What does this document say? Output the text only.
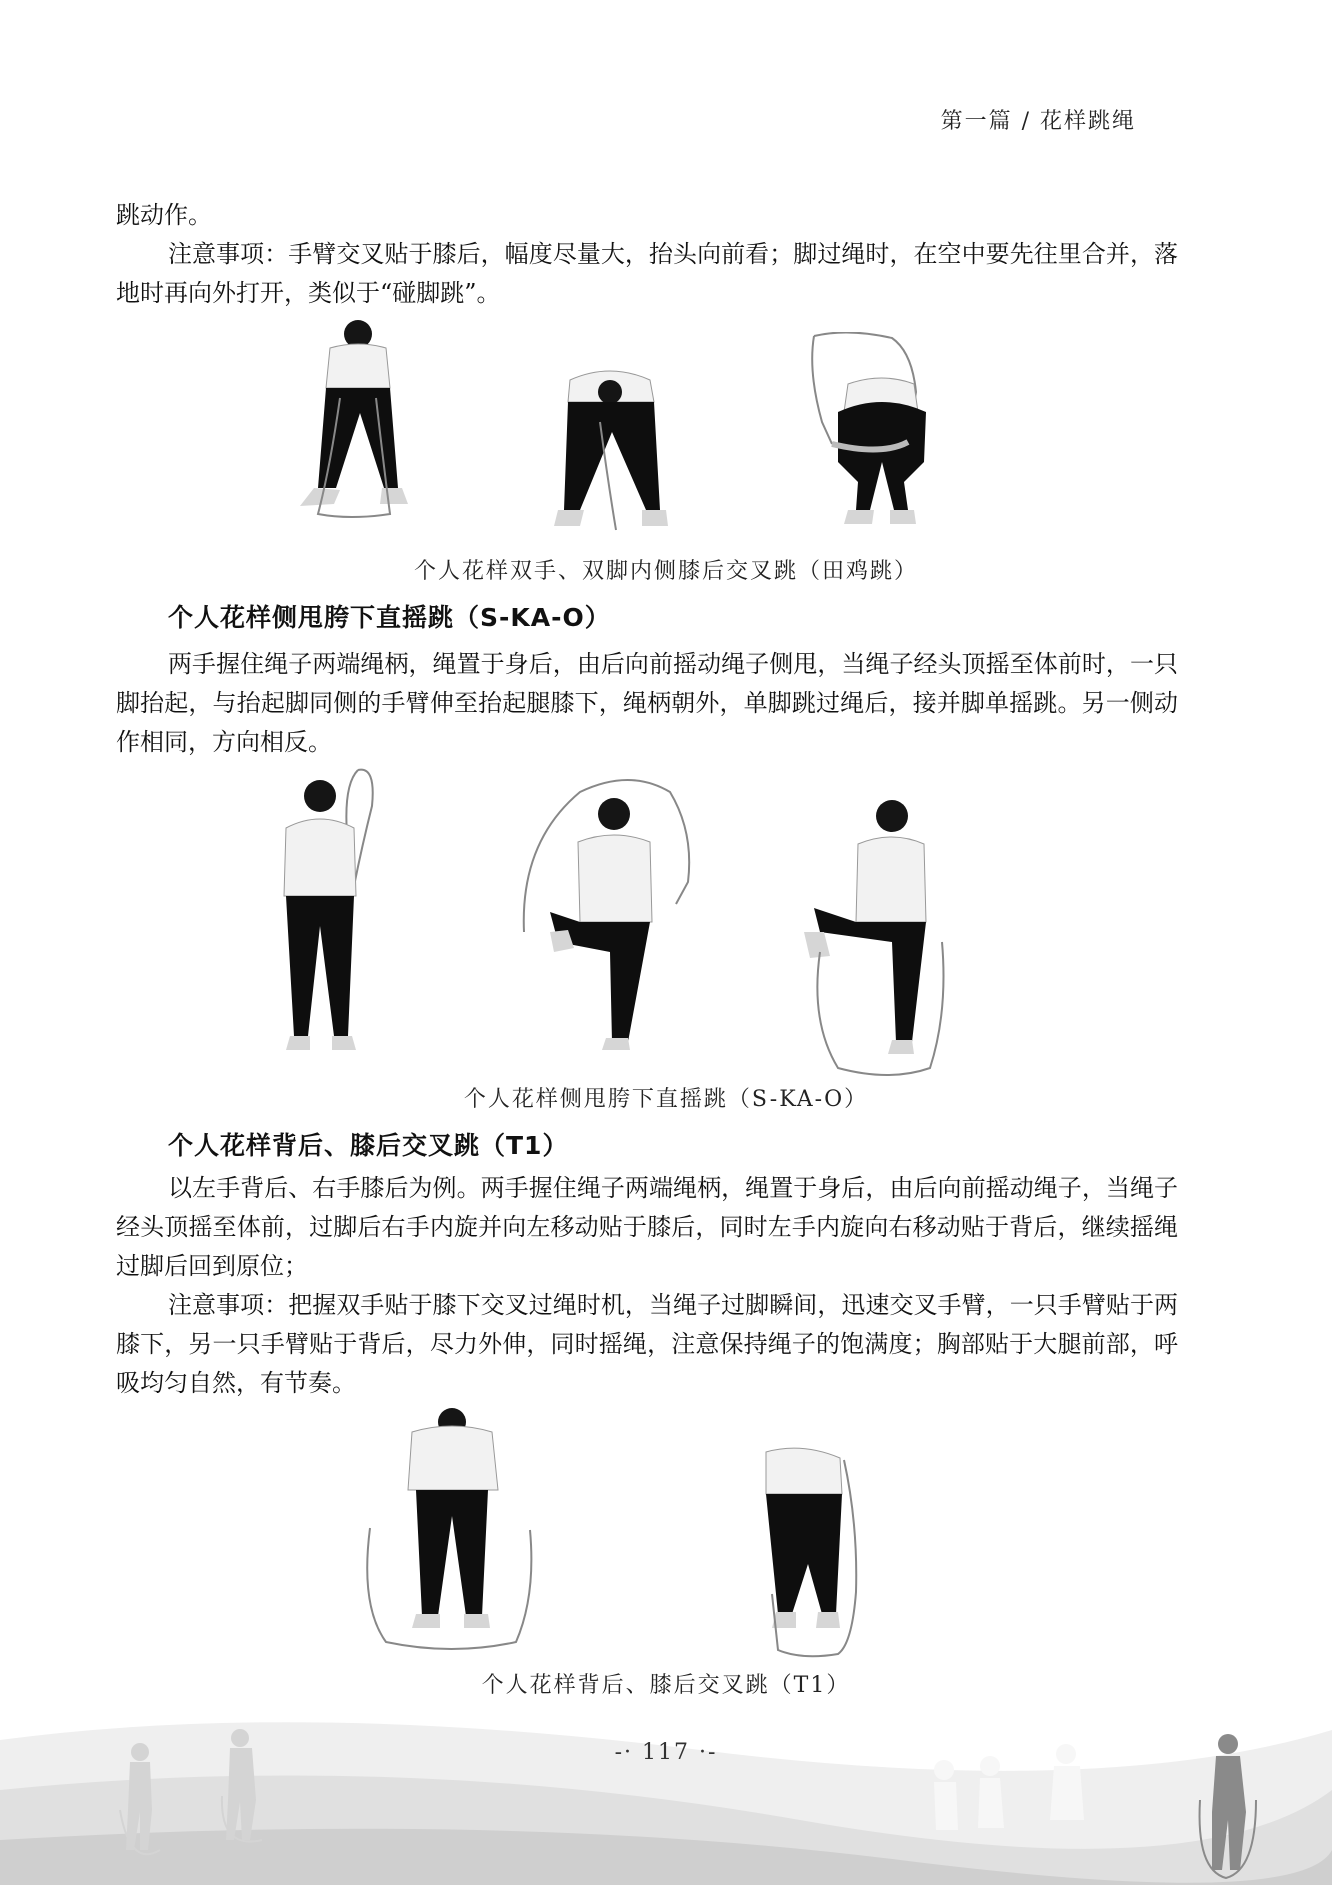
第一篇 / 花样跳绳

跳动作。

注意事项：手臂交叉贴于膝后，幅度尽量大，抬头向前看；脚过绳时，在空中要先往里合并，落地时再向外打开，类似于“碰脚跳”。

个人花样双手、双脚内侧膝后交叉跳（田鸡跳）
个人花样侧甩胯下直摇跳（S-KA-O）

两手握住绳子两端绳柄，绳置于身后，由后向前摇动绳子侧甩，当绳子经头顶摇至体前时，一只脚抬起，与抬起脚同侧的手臂伸至抬起腿膝下，绳柄朝外，单脚跳过绳后，接并脚单摇跳。另一侧动作相同，方向相反。

个人花样侧甩胯下直摇跳（S-KA-O）
个人花样背后、膝后交叉跳（T1）

以左手背后、右手膝后为例。两手握住绳子两端绳柄，绳置于身后，由后向前摇动绳子，当绳子经头顶摇至体前，过脚后右手内旋并向左移动贴于膝后，同时左手内旋向右移动贴于背后，继续摇绳过脚后回到原位；

注意事项：把握双手贴于膝下交叉过绳时机，当绳子过脚瞬间，迅速交叉手臂，一只手臂贴于两膝下，另一只手臂贴于背后，尽力外伸，同时摇绳，注意保持绳子的饱满度；胸部贴于大腿前部，呼吸均匀自然，有节奏。

个人花样背后、膝后交叉跳（T1）
-· 117 ·-
